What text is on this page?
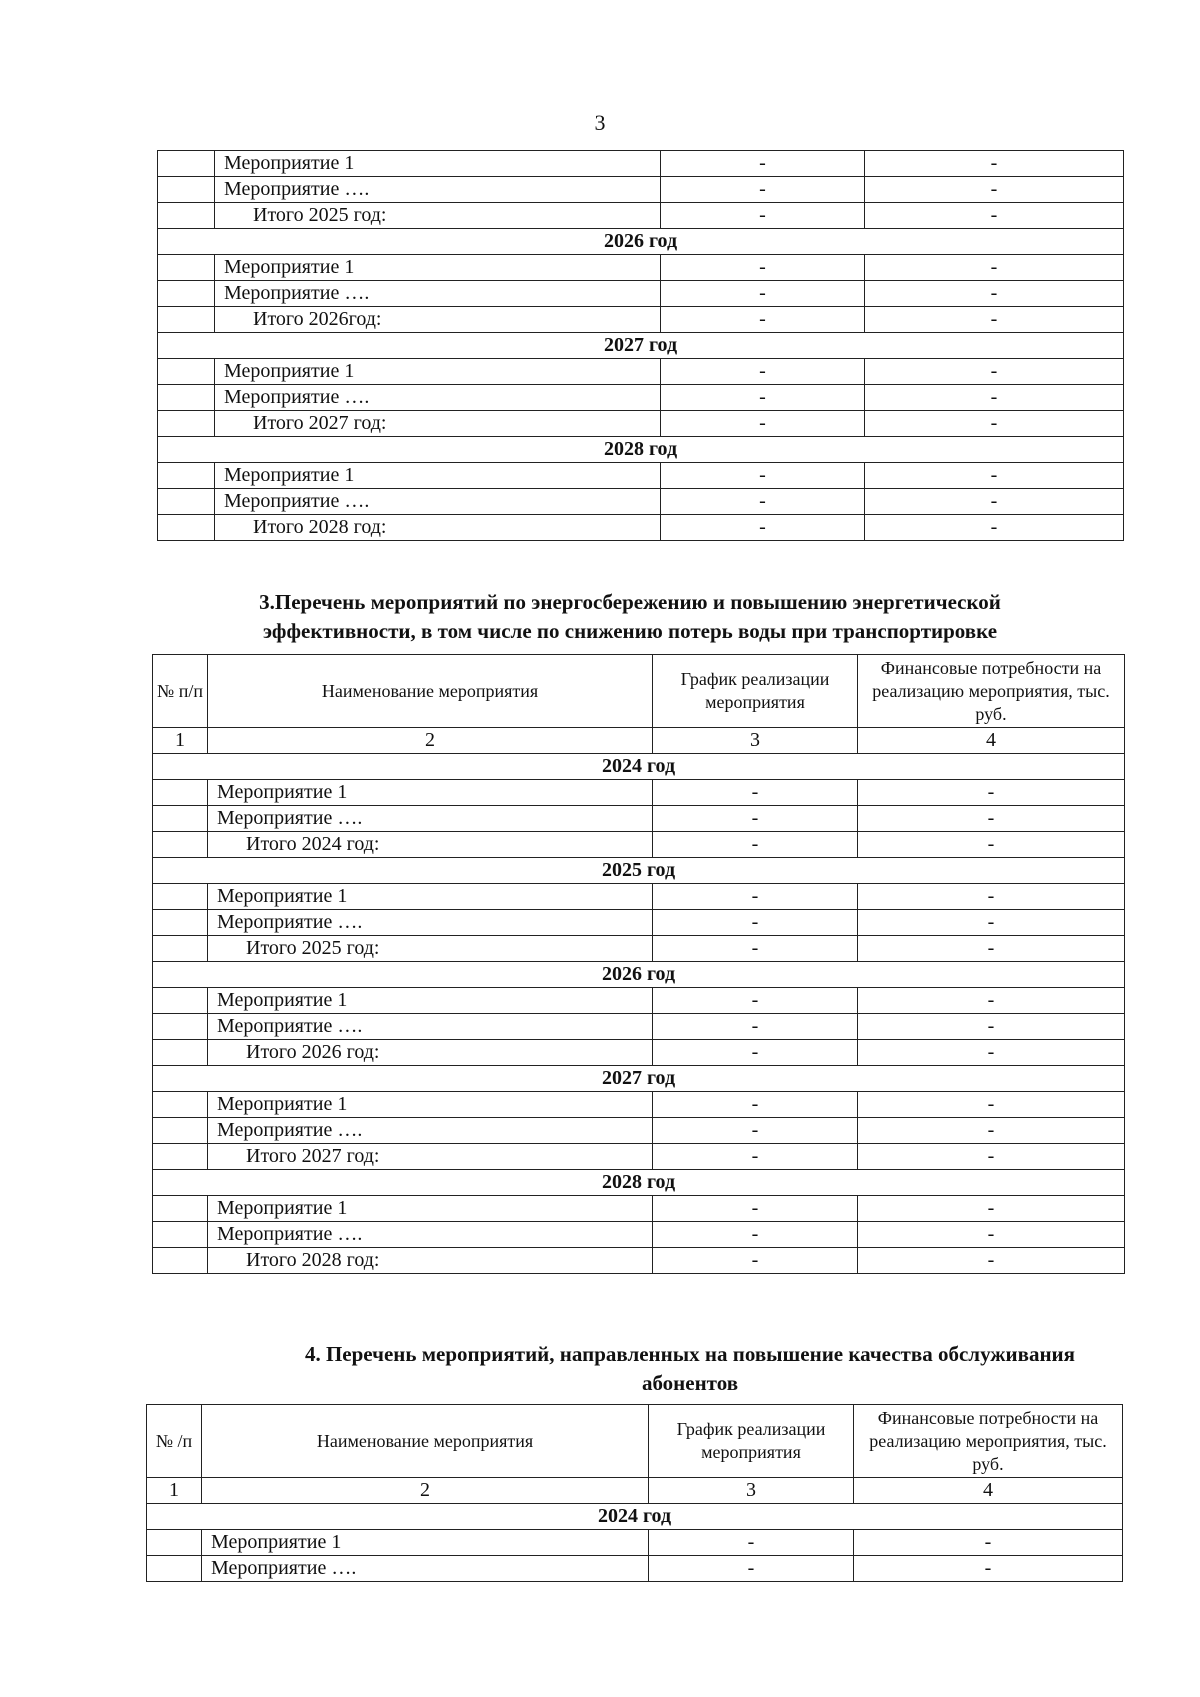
3
	Мероприятие 1	-	-
	Мероприятие ….	-	-
	Итого 2025 год:	-	-
2026 год			
	Мероприятие 1	-	-
	Мероприятие ….	-	-
	Итого 2026год:	-	-
2027 год			
	Мероприятие 1	-	-
	Мероприятие ….	-	-
	Итого 2027 год:	-	-
2028 год			
	Мероприятие 1	-	-
	Мероприятие ….	-	-
	Итого 2028 год:	-	-
3.Перечень мероприятий по энергосбережению и повышению энергетической
эффективности, в том числе по снижению потерь воды при транспортировке
№ п/п	Наименование мероприятия	График реализации мероприятия	Финансовые потребности на реализацию мероприятия, тыс. руб.
1	2	3	4
2024 год			
	Мероприятие 1	-	-
	Мероприятие ….	-	-
	Итого 2024 год:	-	-
2025 год			
	Мероприятие 1	-	-
	Мероприятие ….	-	-
	Итого 2025 год:	-	-
2026 год			
	Мероприятие 1	-	-
	Мероприятие ….	-	-
	Итого 2026 год:	-	-
2027 год			
	Мероприятие 1	-	-
	Мероприятие ….	-	-
	Итого 2027 год:	-	-
2028 год			
	Мероприятие 1	-	-
	Мероприятие ….	-	-
	Итого 2028 год:	-	-
4. Перечень мероприятий, направленных на повышение качества обслуживания
абонентов
№ /п	Наименование мероприятия	График реализации мероприятия	Финансовые потребности на реализацию мероприятия, тыс. руб.
1	2	3	4
2024 год			
	Мероприятие 1	-	-
	Мероприятие ….	-	-
